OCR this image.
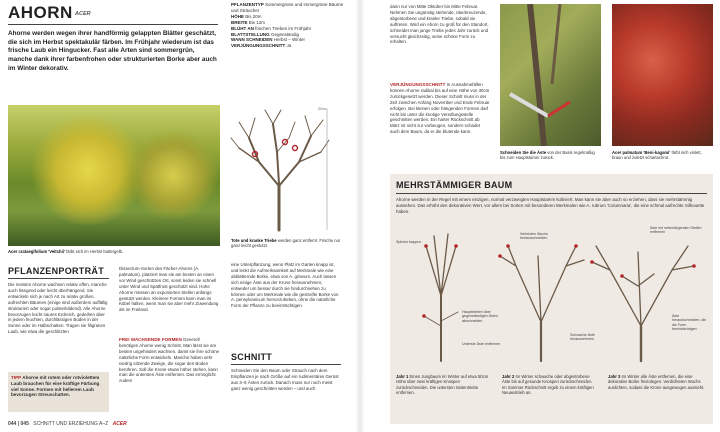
AHORN ACER
Ahorne werden wegen ihrer handförmig gelappten Blätter geschätzt, die sich im Herbst spektakulär färben. Im Frühjahr wiederum ist das frische Laub ein Hingucker. Fast alle Arten sind sommergrün, manche dank ihrer farbenfrohen oder strukturierten Borke aber auch im Winter dekorativ.
PFLANZENTYP Sommergrüne und immergrüne Bäume und Sträucher
HÖHE Bis 20m
BREITE Bis 12m
BLÜHT AN frischen Trieben im Frühjahr
BLATTSTELLUNG Gegenständig
WANN SCHNEIDEN Herbst – Winter
VERJÜNGUNGSSCHNITT Ja
Acer crataegifolium 'Veitchii' färbt sich im Herbst buttergelb.
20m
Tote und kranke Triebe werden ganz entfernt. Frische nur ganz leicht gestutzt.
PFLANZENPORTRÄT
Die meisten Ahorne wachsen relativ offen, manche auch hängend oder leicht überhängend. Sie entwickeln sich je nach Art zu relativ großen, aufrechten Bäumen (einige sind außerdem auffällig strukturiert oder sogar polsterbildend). Alle Ahorne bevorzugen leicht saures Erdreich, gedeihen aber in jedem feuchten, durchlässigen Boden in der Sonne oder im Halbschatten. Tragen sie filigranes Laub, wie etwa die geschlitzten
TIPP Ahorne mit rotem oder rotviolettem Laub brauchen für eine kräftige Färbung viel Sonne. Formen mit hellerem Laub bevorzugen Streuschatten.
Dissectum-Sorten des Fächer-Ahorns (A. palmatum), platziert man sie am besten an einen vor Wind geschützten Ort, sonst leiden sie schnell unter Wind und Spätfrost geschützt sind. Hohe Ahorne müssen an exponierten Stellen anfangs gestützt werden. Kleinere Formen kann man im Kübel halten, wenn man sie aber mehr Zuwendung als im Freiland.
FREI WACHSENDE FORMEN Generell benötigen Ahorne wenig Schnitt. Man lässt sie am besten ungehindert wachsen, damit sie ihre schöne natürliche Form entwickeln. Manche haben sehr niedrig sitzende Zweige, die sogar den Boden berühren. Soll die Krone etwas höher stehen, kann man die untersten Äste entfernen. Das ermöglicht zudem
eine Unterpflanzung, wenn Platz im Garten knapp ist, und lenkt die Aufmerksamkeit auf Merkmale wie eine abblätternde Borke, etwa von A. griseum. Auch lassen sich einige Äste aus der Krone herausnehmen, entweder um besser durch sie hindurchsehen zu können oder um Merkmale wie die gestreifte Borke von A. pensylvanicum hervorzuheben, ohne die natürliche Form der Pflanze zu beeinträchtigen.
SCHNITT
Schneiden Sie den Baum oder Strauch nach dem Einpflanzen je nach Größe auf ein rudimentäres Gerüst aus 3–5 Ästen zurück. Danach muss nur noch meist ganz wenig geschnitten werden – und auch
044 | 045 SCHNITT UND ERZIEHUNG A–Z ACER
dann nur von Mitte Oktober bis Mitte Februar. Nehmen Sie ungünstig stehende, überkreuzende, abgestorbene und kranke Triebe, sobald sie auftreten. Wird ein Ahorn zu groß für den Standort, schneidet man junge Triebe jedes Jahr zurück und versucht gleichzeitig, seine schöne Form zu erhalten.
VERJÜNGUNGSSCHNITT In Ausnahmefällen können Ahorne radikal bis auf eine Höhe von 30cm zurückgesetzt werden. Dieser Schnitt muss in der Zeit zwischen Anfang November und Ende Februar erfolgen. Bei kleinen oder hängenden Formen darf nicht bis unter die knotige Veredlungsstelle geschnitten werden. Ein harter Rückschnitt ab März ist nicht zur vorbeugen, sondern schadet auch dem Baum, da er die blutende kann.
Schneiden Sie die Äste von der Basis regelmäßig bis zum Hauptstamm zurück.
Acer palmatum 'Beni-kagami' färbt sich violett, braun und zuletzt scharlachrot.
MEHRSTÄMMIGER BAUM
Ahorne werden in der Regel mit einem einzigen, normal verzweigten Hauptstamm kultiviert. Man kann sie aber auch so erziehen, dass sie mehrstämmig aussehen. Das erhöht den dekorativen Wert, vor allem bei Sorten mit besonderen Merkmalen wie A. rubrum 'Columnaria', die eine schmal aufrechte Silhouette haben.
Spitzen kappen
Haupttrieben über gegenständigen Ästen abschneiden
Unterste Äste entfernen
Verletzten Wuchs herausschneiden
Schwache Äste herausnehmen
Äste mit nebenliegenden Stellen entfernen
Äste herausschneiden, die die Form beeinträchtigen
Jahr 1 Einen Jungbaum im Winter auf etwa 50cm Höhe über zwei kräftigen Knospen zurückschneiden. Die untersten Seitentriebe entfernen.
Jahr 2 Im Winter schwache oder abgestorbene Äste bis auf gesunde Knospen zurückschneiden. Im Sommer Rückschnitt ergeb zu einem kräftigen Neuaustrieb an.
Jahr 3 Im Winter alle Äste entfernen, die eine dekorative Borke freizulegen. Verdichteten Wuchs auslichten, sodass die Krone ausgewogen aussieht.
